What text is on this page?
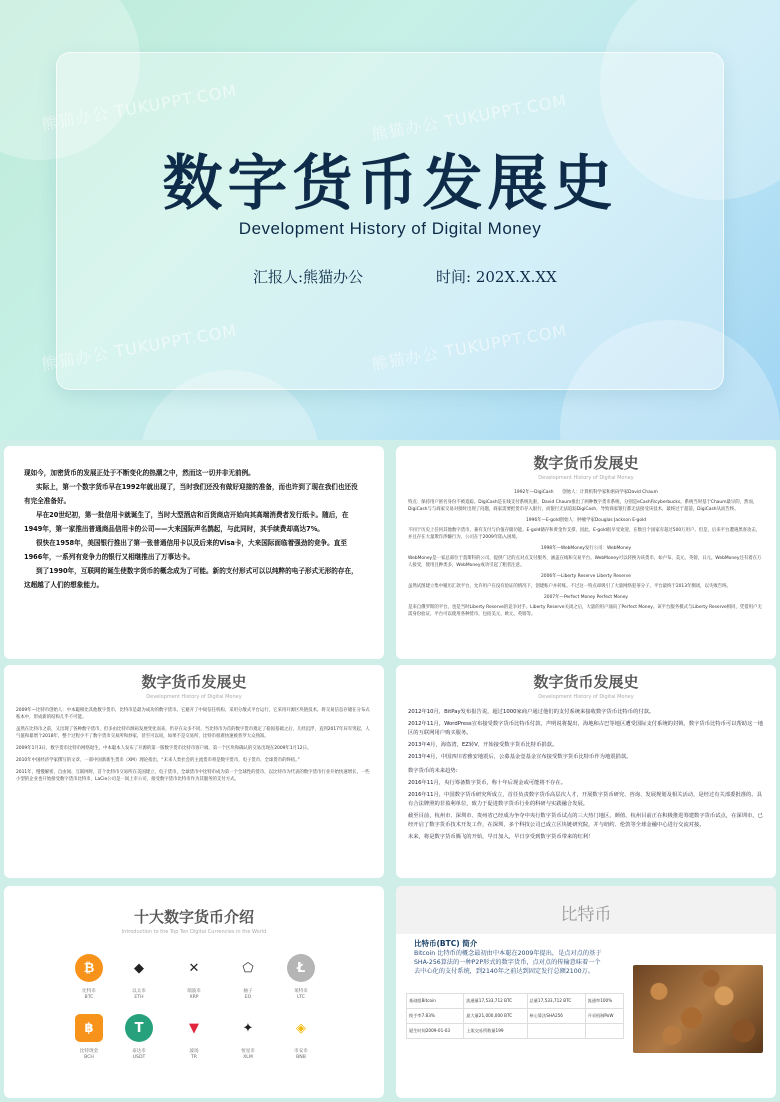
数字货币发展史
Development History of Digital Money
汇报人:熊猫办公	时间: 202X.X.XX
熊猫办公 TUKUPPT.COM	熊猫办公 TUKUPPT.COM
熊猫办公 TUKUPPT.COM	熊猫办公 TUKUPPT.COM

现如今，加密货币的发展正处于不断变化的热潮之中，然而这一切并非无前例。

实际上，第一个数字货币早在1992年就出现了，当时我们还没有做好迎接的准备，而也许到了现在我们也还没有完全准备好。

早在20世纪初，第一批信用卡就诞生了，当时大型酒店和百货商店开始向其高端消费者发行纸卡。随后，在1949年，第一家推出普通商品信用卡的公司——大来国际声名鹊起，与此同时，其手续费却高达7%。

很快在1958年，美国银行推出了第一张普通信用卡以及后来的Visa卡，大来国际面临着强劲的竞争。直至1966年，一系列有竞争力的银行又相继推出了万事达卡。

到了1990年，互联网的诞生使数字货币的概念成为了可能。新的支付形式可以以纯粹的电子形式无形的存在，这超越了人们的想象能力。

数字货币发展史
Development History of Digital Money
1992年—DigiCash　　创始人：计算机科学家和密码学家David Chaum
特点：保持用户匿名身份不被追踪。DigiCash是在线支付系统先驱，David Chaum推出了两种数字货币系统，分别是eCash和cyberbucks。系统当时基于Chaum最早的，然而，DigiCash与与商家交易对接时出现了问题，商家需要把货币存入银行，而银行无法追踪DigiCash，导致商家银行都无法接受该技术，最终过于超前，DigiCash从而告终。
1996年—E-gold创始人：肿瘤学家Douglas Jackson E-gold
不同于历史上任何其他数字货币，兼有支付与价值存储功能。E-gold储存和黄金作支撑，因此，E-gold很早受欢迎，在数百个国家有超过500万用户。但是，后来平台遭遇黑客攻击，并且存在大量欺诈涉嫌行为，公司在于2009年陷入困境。
1998年—WebMoney发行公司：WebMoney
WebMoney是一家总部位于莫斯科的公司，提供广泛的点对点支付服务，涵盖在线和交易平台。WebMoney可以转换为该货币，如卢布、美元、英镑、日元。WebMoney还有着在万人接受，使用且种类多，WebMoney成功引起了粗者注意。
2006年—Liberty Reserve Liberty Reserve
虽然试图建立集中履历汇款平台，允许用户在没有验证的情况下，创建账户并转账。不过这一特点却吸引了大量网络犯罪分子，平台最终于2013年倒闭，以失败告终。
2007年—Perfect Money Perfect Money
是来自俄罗斯的平台，也是当时Liberty Reserve的竞争对手。Liberty Reserve关闭之后，大量的用户涌向了Perfect Money。该平台服务模式与Liberty Reserve相同，凭借用户无需身份验证，平台可以使用各种货币，包括美元、欧元、英镑等。
数字货币发展史
Development History of Digital Money

2009年—比特币创始人：中本聪相比其他数字货币，比特币是最为成功的数字货币。它避开了中间信任机构，采用分散式平台运行，它采用开源区块链技术，将交易信息存储在分布式账本中，形成新的结构几乎不可能。

虽然在比特币之前，又出现了各种数字货币，但多由比特币源码发展变化而来，仍存在众多不同，当比特币为首的数字货币奠定了稳固基础之后，几经沉浮，直到2017年异军突起，人气值和暴增个2018年，整个过程少不了数字货币交易所和炒家，甚至可以说，如果不是交易所，比特币很难快速被普罗大众熟知。

2009年1月3日，数字货币比特币网络诞生，中本聪本人发布了开源的第一版数字货币比特币客户端，第一个区块和确认的交易出现在2009年1月12日。

2010年中国经济学家撰写的文章，一部中国新新生货币（XM）理论指出，“未来人类社会的主流货币将是数字货币，电子货币，全球货币的终结。”

2011年，慢慢解密，自由间、互联网时，首个比特币交易所在美国建立，电子货币，全球货币中比特币成为第一个全球性的货币，以比特币为代表的数字货币行业开始快速增长，一些小型的企业也开始接受数字货币比特币，LaCie公司是一间上市公司，接受数字货币比特币作为其服务的支付方式。

数字货币发展史
Development History of Digital Money

2012年10月，BitPay发布报告说，超过1000家商户通过他们的支付系统来接收数字货币比特币的付款。

2012年11月，WordPress宣布接受数字货币比特币付款，声明说将提出，海地和古巴等地区遭受国际支付系统的封锁，数字货币比特币可以帮助这一地区的互联网用户购买服务。

2013年4月，海盗湾，EZ转V，开始接受数字货币比特币捐款。

2013年4月，中国四川省雅安地震后，公募基金壹基金宣布接受数字货币比特币作为地震捐款。

数字货币的未来趋势:

2016年11月，央行筹备数字货币，称十年后现金或可能将不存在。

2016年11月，中国数字货币研究所成立，首任负责数字货币高层次人才，开展数字货币研究、咨询、发展规划及相关活动，是经过有关部委批准的、具有合法牌照的非盈利单位，致力于促进数字货币行业的科研与实践融合发展。

截至目前，杭州市、深圳市、贵州省已经成为争夺中央行数字货币试点的三大热门地区，颜值、杭州目前正在积极推进筹建数字货币试点，在深圳市，已经开启了数字货币技术开发工作，在深圳，多个科技公司已成立区块链研究院，并与纽约、伦敦等全球金融中心进行交流对接。

未来，将是数字货币腾飞的开始，早日加入，早日享受到数字货币带来的红利！

十大数字货币介绍
Introduction to the Top Ten Digital Currencies in the World
₿	◆	✕	⬠	Ł
比特币
BTC
以太币
ETH
瑞波币
XRP
柚子
EO
莱特币
LTC
฿	T	▼	✦	◈
比特现金
BCH
泰达币
USDT
波场
TR
恒星币
XLM
币安币
BNB
比特币
比特币(BTC) 简介
Bitcoin 比特币的概念最初由中本聪在2009年提出，是点对点的基于SHA-256算法的一种P2P形式的数字货币，点对点的传输意味着一个去中心化的支付系统，到2140年之前达到固定发行总额2100万。
基础组Bitcoin	流通量17,533,712 BTC	总量17,533,712 BTC	流通率100%
换手率7.83%	最大量21,000,000 BTC	核心算法SHA256	开采机制PoW
诞生时间2009-01-03	上架交易所数量199		
